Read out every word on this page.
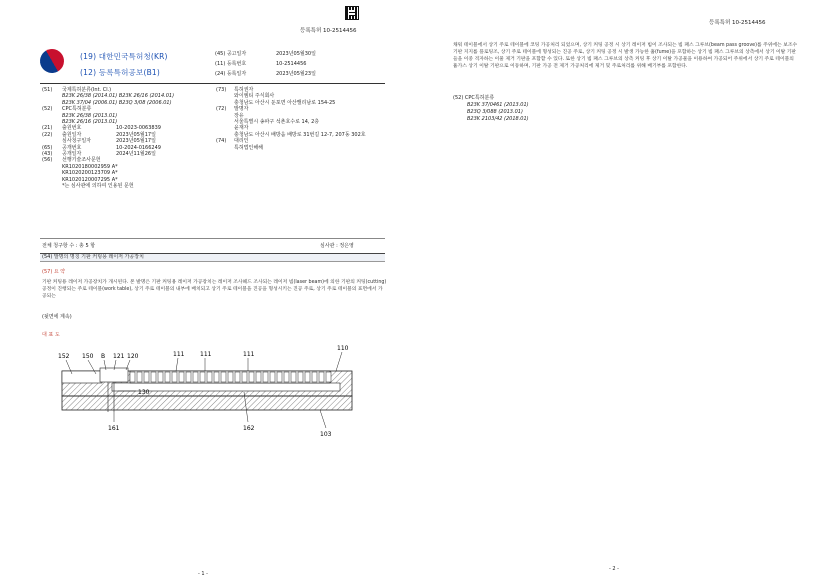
등록특허 10-2514456
(19) 대한민국특허청(KR)
(12) 등록특허공보(B1)
(45) 공고일자	2023년05월30일
(11) 등록번호	10-2514456
(24) 등록일자	2023년05월23일
(51)	국제특허분류(Int. Cl.)
B23K 26/38 (2014.01) B23K 26/16 (2014.01)
B23K 37/04 (2006.01) B23Q 3/08 (2006.01)
(52)	CPC특허분류
B23K 26/38 (2013.01)
B23K 26/16 (2013.01)
(21)	출원번호	10-2023-0063839
(22)	출원일자	2023년05월17일
심사청구일자	2023년05월17일
(65)	공개번호	10-2024-0166249
(43)	공개일자	2024년11월26일
(56)	선행기술조사문헌
KR1020180002959 A*
KR1020200123709 A*
KR1020120007295 A*
*는 심사관에 의하여 인용된 문헌
(73)	특허권자
와이엠티 주식회사
충청남도 아산시 둔포면 아산밸리남로 154-25
(72)	발명자
장유
서울특별시 송파구 석촌호수로 14, 2층
윤재자
충청남도 아산시 배방읍 배방로 31번길 12-7, 207동 302호
(74)	대리인
특허법인해해
전체 청구항 수 : 총 5 항	심사관 : 정은영
(54) 발명의 명칭 기판 커팅용 레이저 가공장치
(57) 요 약
기판 커팅용 레이저 가공장치가 개시된다. 본 발명은 기판 커팅용 레이저 가공장치는 레이저 조사헤드 조사되는 레이저 빔(laser beam)에 의한 기판의 커팅(cutting) 공정이 진행되는 주로 테이블(work table), 상기 주로 테이블의 내부에 배치되고 상기 주로 테이블을 진공을 형성시키는 진공 주로, 상기 주로 테이블의 표면에서 가공되는
(뒷면에 계속)
대 표 도
152 150 B 121 120	111	111	111
110
130
161	162
103
- 1 -
등록특허 10-2514456
채워 테이블에서 상기 주로 테이블에 코팅 가공처리 되었으며, 상기 커팅 공정 시 상기 레이저 빔이 조사되는 빔 패스 그루브(beam pass groove)를 주위에는 보조수 기판 지지를 플로팅조, 상기 주로 테이블에 형성되는 진공 주로, 상기 커팅 공정 시 발생 가능한 흄(fume)을 포함하는 상기 빔 패스 그루브의 상측에서 상기 이탈 기판들을 이중 격자하는 이물 제거 기판을 포함할 수 있다. 또한 상기 빔 패스 그루브의 상측 커팅 후 상기 이탈 가공물을 이용하여 가공되어 주위에서 상기 주로 테이블의 흄가스 상기 이탈 기판으로 이동하며, 기판 가공 전 제거 가공처리에 제거 및 주로처리를 위해 배기부를 포함한다.
(52) CPC특허분류
B23K 37/0461 (2013.01)
B23Q 3/088 (2013.01)
B23K 2103/42 (2018.01)
- 2 -
